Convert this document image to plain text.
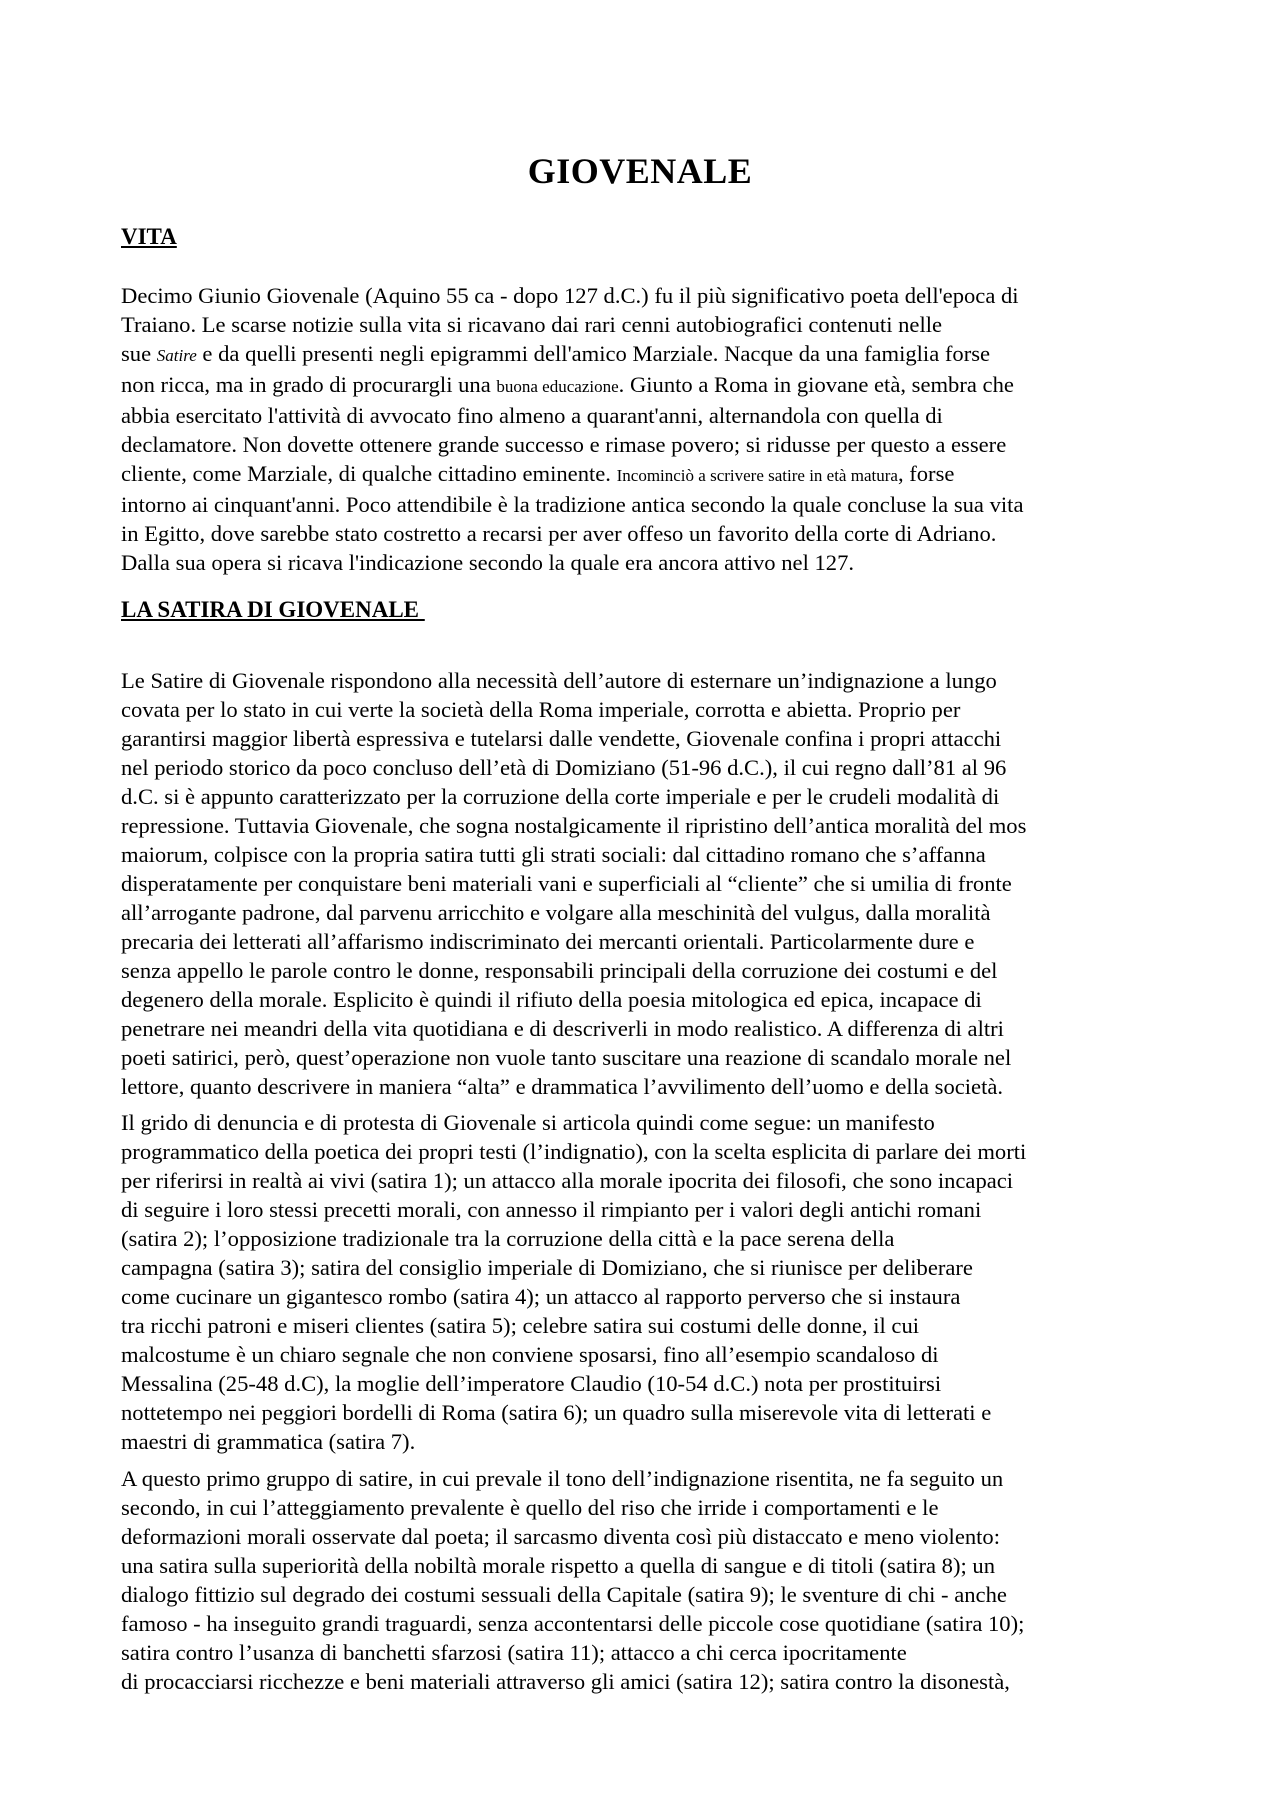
GIOVENALE
VITA

Decimo Giunio Giovenale (Aquino 55 ca - dopo 127 d.C.) fu il più significativo poeta dell'epoca di
Traiano. Le scarse notizie sulla vita si ricavano dai rari cenni autobiografici contenuti nelle
sue Satire e da quelli presenti negli epigrammi dell'amico Marziale. Nacque da una famiglia forse
non ricca, ma in grado di procurargli una buona educazione. Giunto a Roma in giovane età, sembra che
abbia esercitato l'attività di avvocato fino almeno a quarant'anni, alternandola con quella di
declamatore. Non dovette ottenere grande successo e rimase povero; si ridusse per questo a essere
cliente, come Marziale, di qualche cittadino eminente. Incominciò a scrivere satire in età matura, forse
intorno ai cinquant'anni. Poco attendibile è la tradizione antica secondo la quale concluse la sua vita
in Egitto, dove sarebbe stato costretto a recarsi per aver offeso un favorito della corte di Adriano.
Dalla sua opera si ricava l'indicazione secondo la quale era ancora attivo nel 127.

LA SATIRA DI GIOVENALE

Le Satire di Giovenale rispondono alla necessità dell’autore di esternare un’indignazione a lungo
covata per lo stato in cui verte la società della Roma imperiale, corrotta e abietta. Proprio per
garantirsi maggior libertà espressiva e tutelarsi dalle vendette, Giovenale confina i propri attacchi
nel periodo storico da poco concluso dell’età di Domiziano (51-96 d.C.), il cui regno dall’81 al 96
d.C. si è appunto caratterizzato per la corruzione della corte imperiale e per le crudeli modalità di
repressione. Tuttavia Giovenale, che sogna nostalgicamente il ripristino dell’antica moralità del mos
maiorum, colpisce con la propria satira tutti gli strati sociali: dal cittadino romano che s’affanna
disperatamente per conquistare beni materiali vani e superficiali al “cliente” che si umilia di fronte
all’arrogante padrone, dal parvenu arricchito e volgare alla meschinità del vulgus, dalla moralità
precaria dei letterati all’affarismo indiscriminato dei mercanti orientali. Particolarmente dure e
senza appello le parole contro le donne, responsabili principali della corruzione dei costumi e del
degenero della morale. Esplicito è quindi il rifiuto della poesia mitologica ed epica, incapace di
penetrare nei meandri della vita quotidiana e di descriverli in modo realistico. A differenza di altri
poeti satirici, però, quest’operazione non vuole tanto suscitare una reazione di scandalo morale nel
lettore, quanto descrivere in maniera “alta” e drammatica l’avvilimento dell’uomo e della società.

Il grido di denuncia e di protesta di Giovenale si articola quindi come segue: un manifesto
programmatico della poetica dei propri testi (l’indignatio), con la scelta esplicita di parlare dei morti
per riferirsi in realtà ai vivi (satira 1); un attacco alla morale ipocrita dei filosofi, che sono incapaci
di seguire i loro stessi precetti morali, con annesso il rimpianto per i valori degli antichi romani
(satira 2); l’opposizione tradizionale tra la corruzione della città e la pace serena della
campagna (satira 3); satira del consiglio imperiale di Domiziano, che si riunisce per deliberare
come cucinare un gigantesco rombo (satira 4); un attacco al rapporto perverso che si instaura
tra ricchi patroni e miseri clientes (satira 5); celebre satira sui costumi delle donne, il cui
malcostume è un chiaro segnale che non conviene sposarsi, fino all’esempio scandaloso di
Messalina (25-48 d.C), la moglie dell’imperatore Claudio (10-54 d.C.) nota per prostituirsi
nottetempo nei peggiori bordelli di Roma (satira 6); un quadro sulla miserevole vita di letterati e
maestri di grammatica (satira 7).

A questo primo gruppo di satire, in cui prevale il tono dell’indignazione risentita, ne fa seguito un
secondo, in cui l’atteggiamento prevalente è quello del riso che irride i comportamenti e le
deformazioni morali osservate dal poeta; il sarcasmo diventa così più distaccato e meno violento:
una satira sulla superiorità della nobiltà morale rispetto a quella di sangue e di titoli (satira 8); un
dialogo fittizio sul degrado dei costumi sessuali della Capitale (satira 9); le sventure di chi - anche
famoso - ha inseguito grandi traguardi, senza accontentarsi delle piccole cose quotidiane (satira 10);
satira contro l’usanza di banchetti sfarzosi (satira 11); attacco a chi cerca ipocritamente
di procacciarsi ricchezze e beni materiali attraverso gli amici (satira 12); satira contro la disonestà,
